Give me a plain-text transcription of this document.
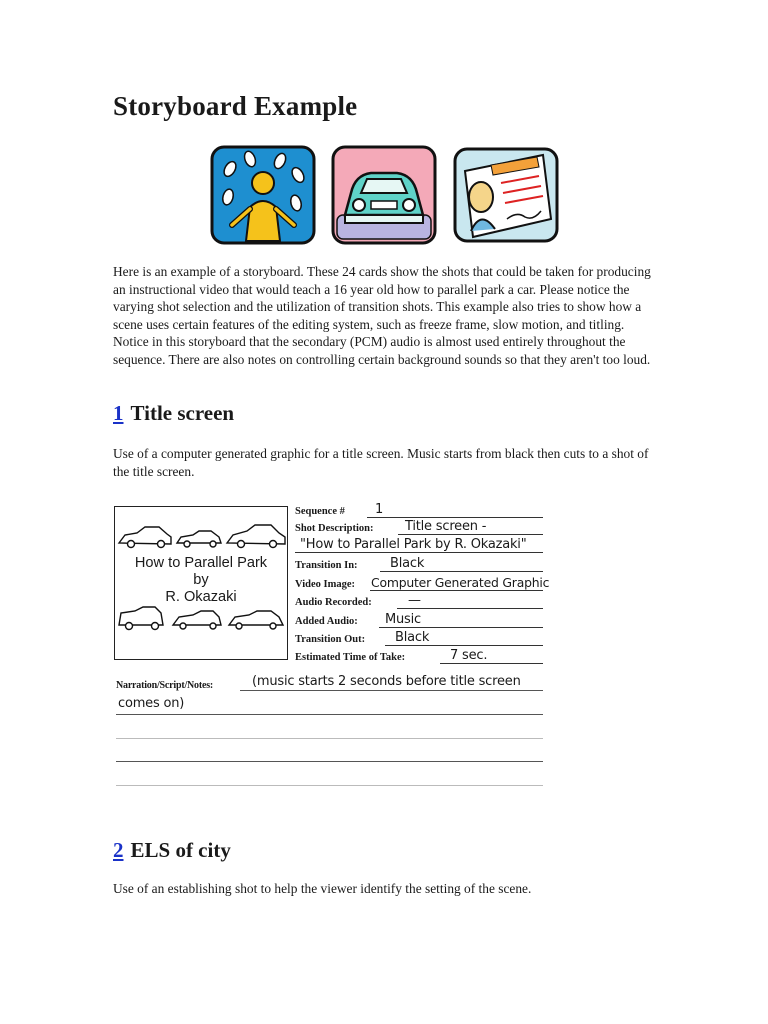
Storyboard Example

Here is an example of a storyboard. These 24 cards show the shots that could be taken for producing an instructional video that would teach a 16 year old how to parallel park a car. Please notice the varying shot selection and the utilization of transition shots. This example also tries to show how a scene uses certain features of the editing system, such as freeze frame, slow motion, and titling. Notice in this storyboard that the secondary (PCM) audio is almost used entirely throughout the sequence. There are also notes on controlling certain background sounds so that they aren't too loud.

1 Title screen

Use of a computer generated graphic for a title screen. Music starts from black then cuts to a shot of the title screen.

How to Parallel Park
by
R. Okazaki
Sequence # 1
Shot Description: Title screen -
"How to Parallel Park by R. Okazaki"
Transition In: Black
Video Image: Computer Generated Graphic
Audio Recorded:	—
Added Audio: Music
Transition Out: Black
Estimated Time of Take:	7 sec.
Narration/Script/Notes:	(music starts 2 seconds before title screen
comes on)
2 ELS of city

Use of an establishing shot to help the viewer identify the setting of the scene.
